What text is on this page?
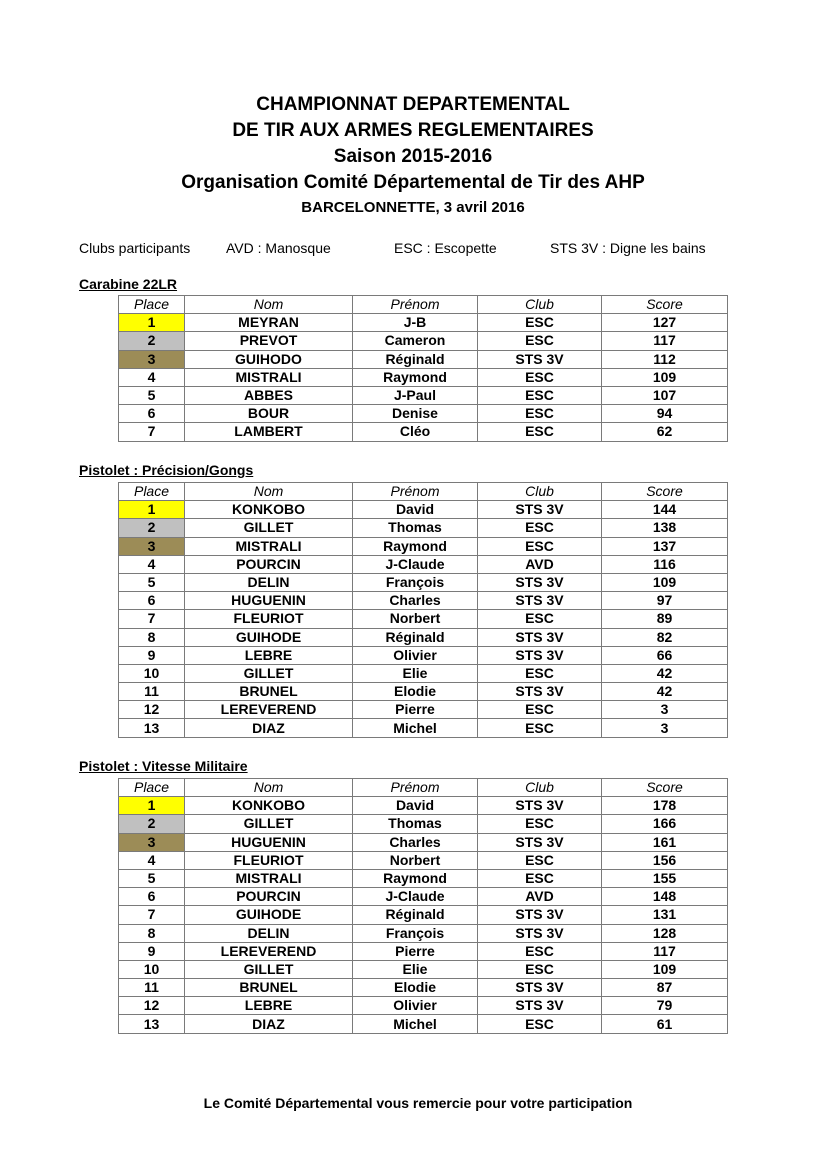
CHAMPIONNAT DEPARTEMENTAL
DE TIR AUX ARMES REGLEMENTAIRES
Saison 2015-2016
Organisation Comité Départemental de Tir des AHP
BARCELONNETTE, 3 avril 2016
Clubs participants	AVD : Manosque	ESC : Escopette	STS 3V : Digne les bains
Carabine 22LR
Place	Nom	Prénom	Club	Score
1	MEYRAN	J-B	ESC	127
2	PREVOT	Cameron	ESC	117
3	GUIHODO	Réginald	STS 3V	112
4	MISTRALI	Raymond	ESC	109
5	ABBES	J-Paul	ESC	107
6	BOUR	Denise	ESC	94
7	LAMBERT	Cléo	ESC	62
Pistolet : Précision/Gongs
Place	Nom	Prénom	Club	Score
1	KONKOBO	David	STS 3V	144
2	GILLET	Thomas	ESC	138
3	MISTRALI	Raymond	ESC	137
4	POURCIN	J-Claude	AVD	116
5	DELIN	François	STS 3V	109
6	HUGUENIN	Charles	STS 3V	97
7	FLEURIOT	Norbert	ESC	89
8	GUIHODE	Réginald	STS 3V	82
9	LEBRE	Olivier	STS 3V	66
10	GILLET	Elie	ESC	42
11	BRUNEL	Elodie	STS 3V	42
12	LEREVEREND	Pierre	ESC	3
13	DIAZ	Michel	ESC	3
Pistolet : Vitesse Militaire
Place	Nom	Prénom	Club	Score
1	KONKOBO	David	STS 3V	178
2	GILLET	Thomas	ESC	166
3	HUGUENIN	Charles	STS 3V	161
4	FLEURIOT	Norbert	ESC	156
5	MISTRALI	Raymond	ESC	155
6	POURCIN	J-Claude	AVD	148
7	GUIHODE	Réginald	STS 3V	131
8	DELIN	François	STS 3V	128
9	LEREVEREND	Pierre	ESC	117
10	GILLET	Elie	ESC	109
11	BRUNEL	Elodie	STS 3V	87
12	LEBRE	Olivier	STS 3V	79
13	DIAZ	Michel	ESC	61
Le Comité Départemental vous remercie pour votre participation
